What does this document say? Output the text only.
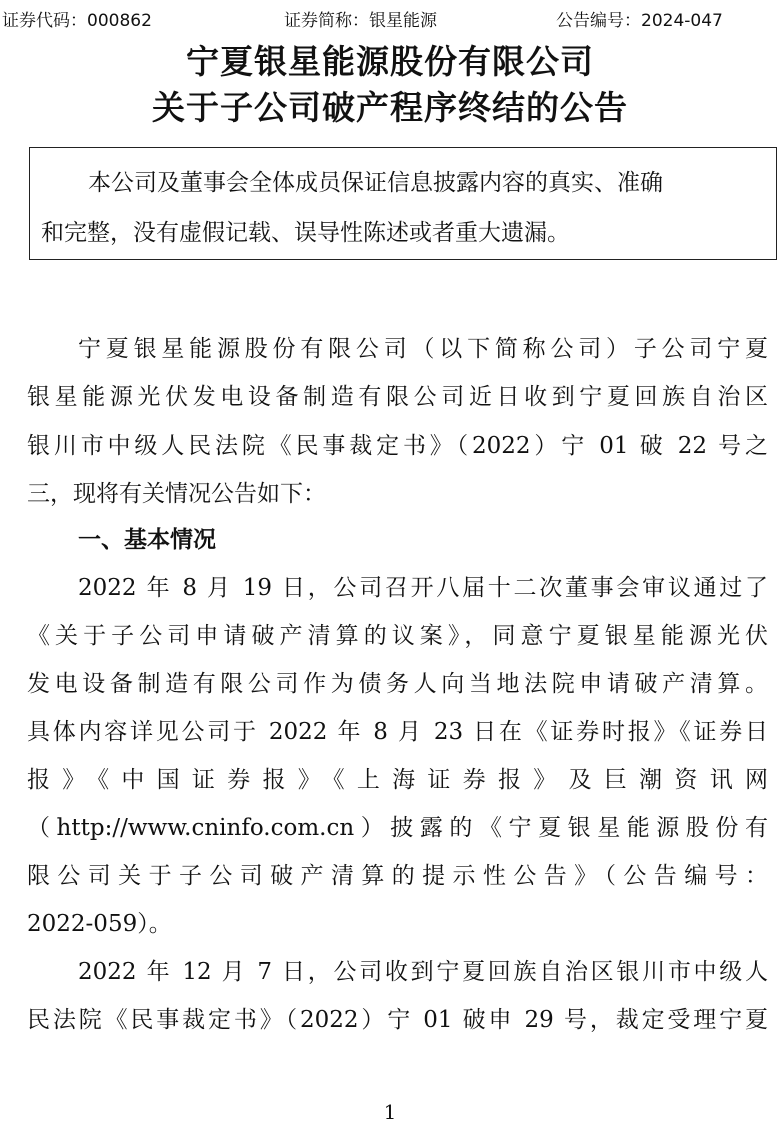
证券代码：000862	证券简称：银星能源	公告编号：2024-047
宁夏银星能源股份有限公司
关于子公司破产程序终结的公告
本公司及董事会全体成员保证信息披露内容的真实、准确
和完整，没有虚假记载、误导性陈述或者重大遗漏。
宁夏银星能源股份有限公司（以下简称公司）子公司宁夏
银星能源光伏发电设备制造有限公司近日收到宁夏回族自治区
银川市中级人民法院《民事裁定书》（2022）宁 01 破 22 号之
三，现将有关情况公告如下：
一、基本情况
2022 年 8 月 19 日，公司召开八届十二次董事会审议通过了
《关于子公司申请破产清算的议案》，同意宁夏银星能源光伏
发电设备制造有限公司作为债务人向当地法院申请破产清算。
具体内容详见公司于 2022 年 8 月 23 日在《证券时报》《证券日
报》《中国证券报》《上海证券报》及巨潮资讯网
（http://www.cninfo.com.cn）披露的《宁夏银星能源股份有
限公司关于子公司破产清算的提示性公告》（公告编号：
2022-059）。
2022 年 12 月 7 日，公司收到宁夏回族自治区银川市中级人
民法院《民事裁定书》（2022）宁 01 破申 29 号，裁定受理宁夏
1
